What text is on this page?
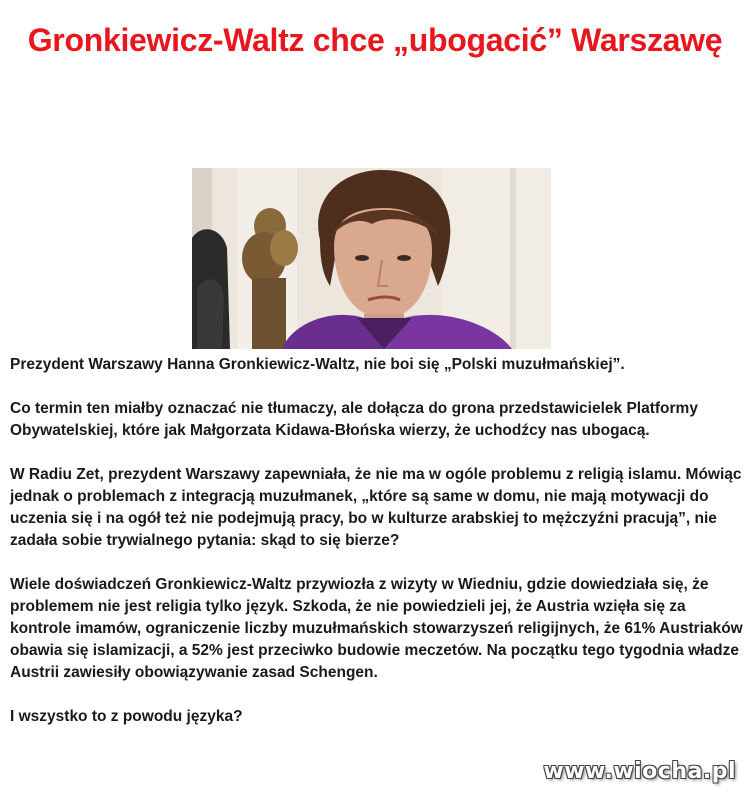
Gronkiewicz-Waltz chce „ubogacić” Warszawę

Prezydent Warszawy Hanna Gronkiewicz-Waltz, nie boi się „Polski muzułmańskiej”.

Co termin ten miałby oznaczać nie tłumaczy, ale dołącza do grona przedstawicielek Platformy Obywatelskiej, które jak Małgorzata Kidawa-Błońska wierzy, że uchodźcy nas ubogacą.

W Radiu Zet, prezydent Warszawy zapewniała, że nie ma w ogóle problemu z religią islamu. Mówiąc jednak o problemach z integracją muzułmanek, „które są same w domu, nie mają motywacji do uczenia się i na ogół też nie podejmują pracy, bo w kulturze arabskiej to mężczyźni pracują”, nie zadała sobie trywialnego pytania: skąd to się bierze?

Wiele doświadczeń Gronkiewicz-Waltz przywiozła z wizyty w Wiedniu, gdzie dowiedziała się, że problemem nie jest religia tylko język. Szkoda, że nie powiedzieli jej, że Austria wzięła się za kontrole imamów, ograniczenie liczby muzułmańskich stowarzyszeń religijnych, że 61% Austriaków obawia się islamizacji, a 52% jest przeciwko budowie meczetów. Na początku tego tygodnia władze Austrii zawiesiły obowiązywanie zasad Schengen.

I wszystko to z powodu języka?

www.wiocha.pl
